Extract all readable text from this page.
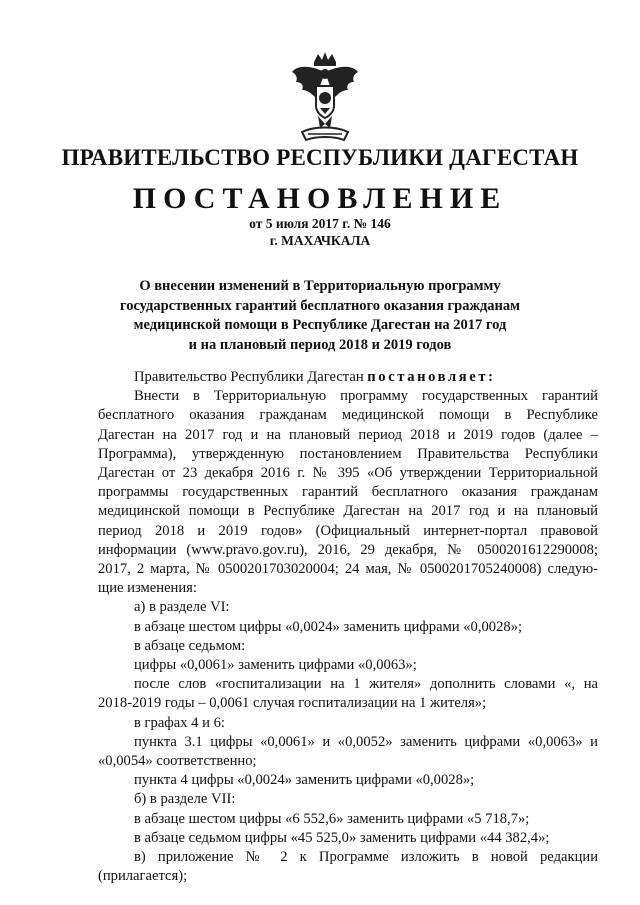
ПРАВИТЕЛЬСТВО РЕСПУБЛИКИ ДАГЕСТАН
ПОСТАНОВЛЕНИЕ
от 5 июля 2017 г. № 146
г. МАХАЧКАЛА
О внесении изменений в Территориальную программу
государственных гарантий бесплатного оказания гражданам
медицинской помощи в Республике Дагестан на 2017 год
и на плановый период 2018 и 2019 годов

Правительство Республики Дагестан постановляет:

Внести в Территориальную программу государственных гарантий

бесплатного оказания гражданам медицинской помощи в Республике

Дагестан на 2017 год и на плановый период 2018 и 2019 годов (далее –

Программа), утвержденную постановлением Правительства Республики

Дагестан от 23 декабря 2016 г. № 395 «Об утверждении Территориальной

программы государственных гарантий бесплатного оказания гражданам

медицинской помощи в Республике Дагестан на 2017 год и на плановый

период 2018 и 2019 годов» (Официальный интернет-портал правовой

информации (www.pravo.gov.ru), 2016, 29 декабря, № 0500201612290008;

2017, 2 марта, № 0500201703020004; 24 мая, № 0500201705240008) следую-

щие изменения:

а) в разделе VI:

в абзаце шестом цифры «0,0024» заменить цифрами «0,0028»;

в абзаце седьмом:

цифры «0,0061» заменить цифрами «0,0063»;

после слов «госпитализации на 1 жителя» дополнить словами «, на

2018-2019 годы – 0,0061 случая госпитализации на 1 жителя»;

в графах 4 и 6:

пункта 3.1 цифры «0,0061» и «0,0052» заменить цифрами «0,0063» и

«0,0054» соответственно;

пункта 4 цифры «0,0024» заменить цифрами «0,0028»;

б) в разделе VII:

в абзаце шестом цифры «6 552,6» заменить цифрами «5 718,7»;

в абзаце седьмом цифры «45 525,0» заменить цифрами «44 382,4»;

в) приложение № 2 к Программе изложить в новой редакции

(прилагается);
